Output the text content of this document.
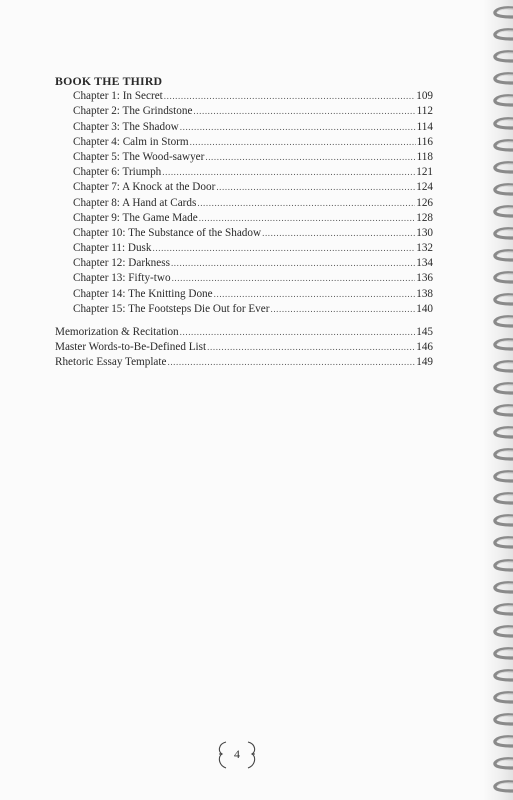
BOOK THE THIRD
Chapter 1: In Secret .....	109
Chapter 2: The Grindstone .....	112
Chapter 3: The Shadow .....	114
Chapter 4: Calm in Storm .....	116
Chapter 5: The Wood-sawyer .....	118
Chapter 6: Triumph .....	121
Chapter 7: A Knock at the Door .....	124
Chapter 8: A Hand at Cards .....	126
Chapter 9: The Game Made .....	128
Chapter 10: The Substance of the Shadow .....	130
Chapter 11: Dusk .....	132
Chapter 12: Darkness .....	134
Chapter 13: Fifty-two .....	136
Chapter 14: The Knitting Done .....	138
Chapter 15: The Footsteps Die Out for Ever .....	140
Memorization & Recitation .....	145
Master Words-to-Be-Defined List .....	146
Rhetoric Essay Template .....	149
4
